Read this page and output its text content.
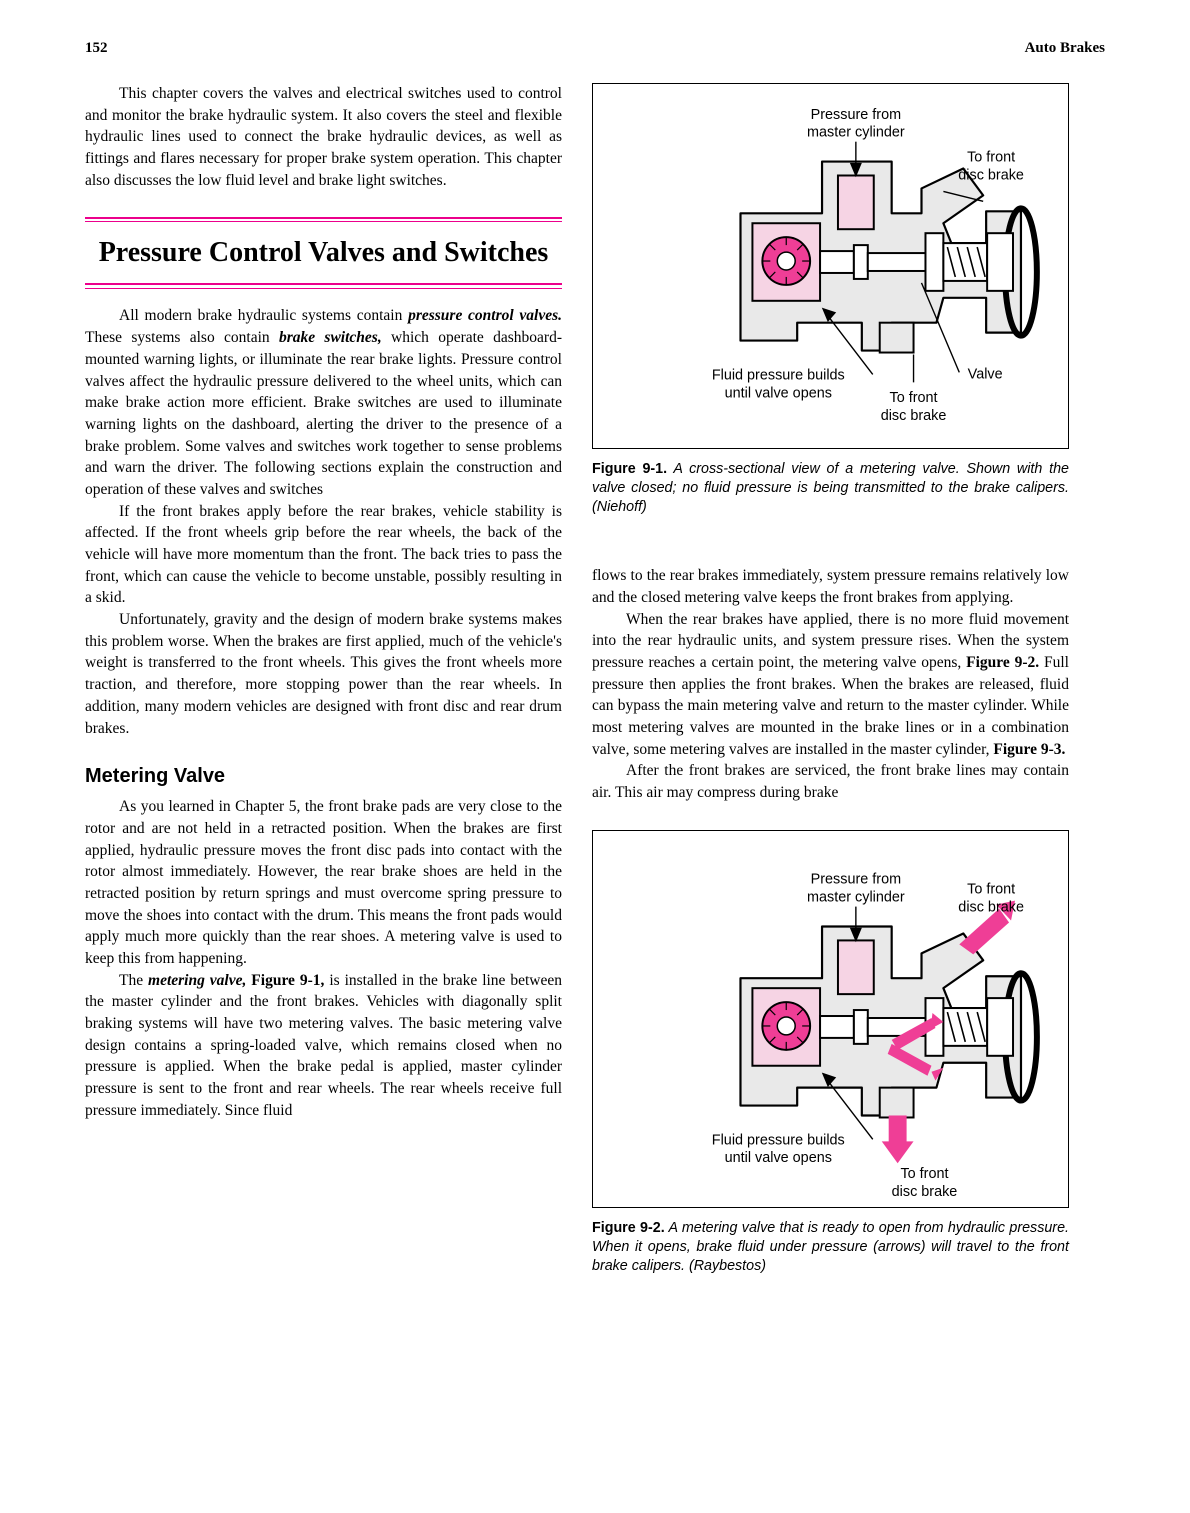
152	Auto Brakes

This chapter covers the valves and electrical switches used to control and monitor the brake hydraulic system. It also covers the steel and flexible hydraulic lines used to connect the brake hydraulic devices, as well as fittings and flares necessary for proper brake system operation. This chapter also discusses the low fluid level and brake light switches.

Pressure Control Valves and Switches

All modern brake hydraulic systems contain pressure control valves. These systems also contain brake switches, which operate dashboard-mounted warning lights, or illuminate the rear brake lights. Pressure control valves affect the hydraulic pressure delivered to the wheel units, which can make brake action more efficient. Brake switches are used to illuminate warning lights on the dashboard, alerting the driver to the presence of a brake problem. Some valves and switches work together to sense problems and warn the driver. The following sections explain the construction and operation of these valves and switches

If the front brakes apply before the rear brakes, vehicle stability is affected. If the front wheels grip before the rear wheels, the back of the vehicle will have more momentum than the front. The back tries to pass the front, which can cause the vehicle to become unstable, possibly resulting in a skid.

Unfortunately, gravity and the design of modern brake systems makes this problem worse. When the brakes are first applied, much of the vehicle's weight is transferred to the front wheels. This gives the front wheels more traction, and therefore, more stopping power than the rear wheels. In addition, many modern vehicles are designed with front disc and rear drum brakes.

Metering Valve

As you learned in Chapter 5, the front brake pads are very close to the rotor and are not held in a retracted position. When the brakes are first applied, hydraulic pressure moves the front disc pads into contact with the rotor almost immediately. However, the rear brake shoes are held in the retracted position by return springs and must overcome spring pressure to move the shoes into contact with the drum. This means the front pads would apply much more quickly than the rear shoes. A metering valve is used to keep this from happening.

The metering valve, Figure 9-1, is installed in the brake line between the master cylinder and the front brakes. Vehicles with diagonally split braking systems will have two metering valves. The basic metering valve design contains a spring-loaded valve, which remains closed when no pressure is applied. When the brake pedal is applied, master cylinder pressure is sent to the front and rear wheels. The rear wheels receive full pressure immediately. Since fluid

Pressure from
master cylinder
To front
disc brake
Fluid pressure builds
until valve opens
Valve
To front
disc brake

Figure 9-1. A cross-sectional view of a metering valve. Shown with the valve closed; no fluid pressure is being transmitted to the brake calipers. (Niehoff)

flows to the rear brakes immediately, system pressure remains relatively low and the closed metering valve keeps the front brakes from applying.

When the rear brakes have applied, there is no more fluid movement into the rear hydraulic units, and system pressure rises. When the system pressure reaches a certain point, the metering valve opens, Figure 9-2. Full pressure then applies the front brakes. When the brakes are released, fluid can bypass the main metering valve and return to the master cylinder. While most metering valves are mounted in the brake lines or in a combination valve, some metering valves are installed in the master cylinder, Figure 9-3.

After the front brakes are serviced, the front brake lines may contain air. This air may compress during brake

Pressure from
master cylinder	To front
disc brake
Fluid pressure builds
until valve opens
To front
disc brake

Figure 9-2. A metering valve that is ready to open from hydraulic pressure. When it opens, brake fluid under pressure (arrows) will travel to the front brake calipers. (Raybestos)
